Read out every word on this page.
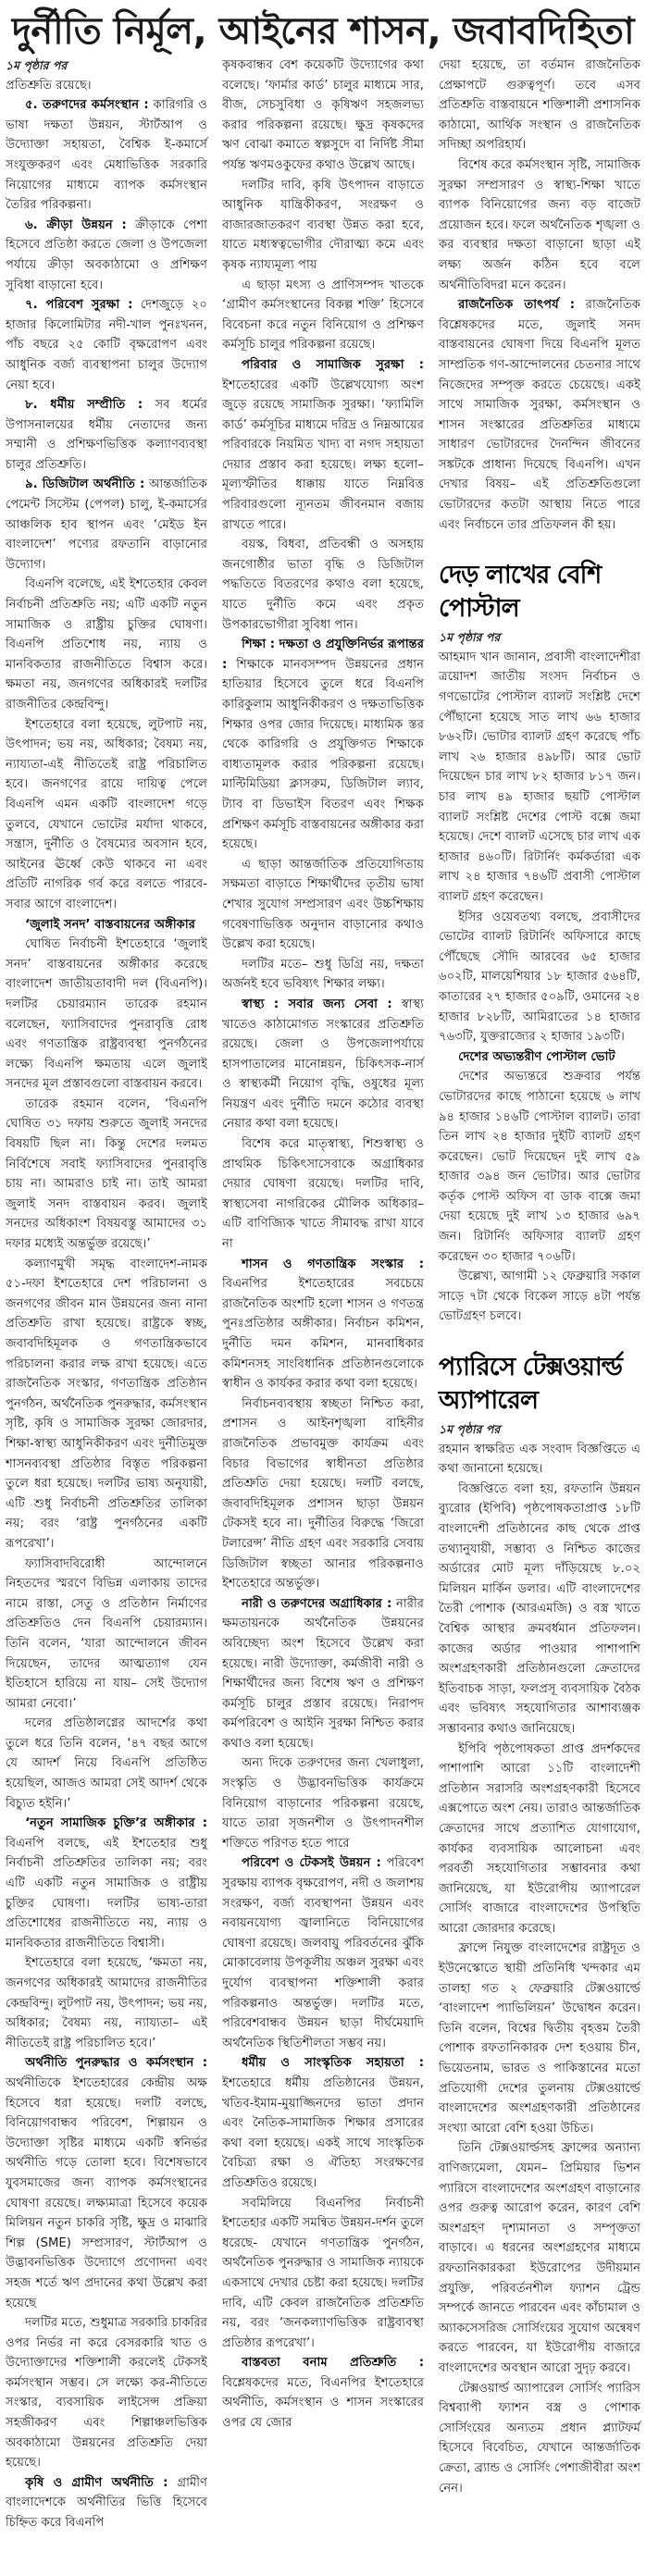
দুর্নীতি নির্মূল, আইনের শাসন, জবাবদিহিতা
১ম পৃষ্ঠার পর

প্রতিশ্রুতি রয়েছে।

৫. তরুণদের কর্মসংস্থান : কারিগরি ও ভাষা দক্ষতা উন্নয়ন, স্টার্টআপ ও উদ্যোক্তা সহায়তা, বৈশ্বিক ই-কমার্সে সংযুক্তকরণ এবং মেধাভিত্তিক সরকারি নিয়োগের মাধ্যমে ব্যাপক কর্মসংস্থান তৈরির পরিকল্পনা।

৬. ক্রীড়া উন্নয়ন : ক্রীড়াকে পেশা হিসেবে প্রতিষ্ঠা করতে জেলা ও উপজেলা পর্যায়ে ক্রীড়া অবকাঠামো ও প্রশিক্ষণ সুবিধা বাড়ানো হবে।

৭. পরিবেশ সুরক্ষা : দেশজুড়ে ২০ হাজার কিলোমিটার নদী-খাল পুনঃখনন, পাঁচ বছরে ২৫ কোটি বৃক্ষরোপণ এবং আধুনিক বর্জ্য ব্যবস্থাপনা চালুর উদ্যোগ নেয়া হবে।

৮. ধর্মীয় সম্প্রীতি : সব ধর্মের উপাসনালয়ের ধর্মীয় নেতাদের জন্য সম্মানী ও প্রশিক্ষণভিত্তিক কল্যাণব্যবস্থা চালুর প্রতিশ্রুতি।

৯. ডিজিটাল অর্থনীতি : আন্তর্জাতিক পেমেন্ট সিস্টেম (পেপল) চালু, ই-কমার্সের আঞ্চলিক হাব স্থাপন এবং ‘মেইড ইন বাংলাদেশ’ পণ্যের রফতানি বাড়ানোর উদ্যোগ।

বিএনপি বলেছে, এই ইশতেহার কেবল নির্বাচনী প্রতিশ্রুতি নয়; এটি একটি নতুন সামাজিক ও রাষ্ট্রীয় চুক্তির ঘোষণা। বিএনপি প্রতিশোধ নয়, ন্যায় ও মানবিকতার রাজনীতিতে বিশ্বাস করে। ক্ষমতা নয়, জনগণের অধিকারই দলটির রাজনীতির কেন্দ্রবিন্দু।

ইশতেহারে বলা হয়েছে, লুটপাট নয়, উৎপাদন; ভয় নয়, অধিকার; বৈষম্য নয়, ন্যায্যতা-এই নীতিতেই রাষ্ট্র পরিচালিত হবে। জনগণের রায়ে দায়িত্ব পেলে বিএনপি এমন একটি বাংলাদেশ গড়ে তুলবে, যেখানে ভোটের মর্যাদা থাকবে, সন্ত্রাস, দুর্নীতি ও বৈষম্যের অবসান হবে, আইনের ঊর্ধ্বে কেউ থাকবে না এবং প্রতিটি নাগরিক গর্ব করে বলতে পারবে-সবার আগে বাংলাদেশ।

‘জুলাই সনদ’ বাস্তবায়নের অঙ্গীকার

ঘোষিত নির্বাচনী ইশতেহারে ‘জুলাই সনদ’ বাস্তবায়নের অঙ্গীকার করেছে বাংলাদেশ জাতীয়তাবাদী দল (বিএনপি)। দলটির চেয়ারম্যান তারেক রহমান বলেছেন, ফ্যাসিবাদের পুনরাবৃত্তি রোধ এবং গণতান্ত্রিক রাষ্ট্রব্যবস্থা পুনর্গঠনের লক্ষ্যে বিএনপি ক্ষমতায় এলে জুলাই সনদের মূল প্রস্তাবগুলো বাস্তবায়ন করবে।

তারেক রহমান বলেন, ‘বিএনপি ঘোষিত ৩১ দফায় শুরুতে জুলাই সনদের বিষয়টি ছিল না। কিন্তু দেশের দলমত নির্বিশেষে সবাই ফ্যাসিবাদের পুনরাবৃত্তি চায় না। আমরাও চাই না। তাই আমরা জুলাই সনদ বাস্তবায়ন করব। জুলাই সনদের অধিকাংশ বিষয়বস্তু আমাদের ৩১ দফার মধ্যেই অন্তর্ভুক্ত রয়েছে।’

কল্যাণমুখী সমৃদ্ধ বাংলাদেশ-নামক ৫১-দফা ইশতেহারে দেশ পরিচালনা ও জনগণের জীবন মান উন্নয়নের জন্য নানা প্রতিশ্রুতি রাখা হয়েছে। রাষ্ট্রকে স্বচ্ছ, জবাবদিহিমূলক ও গণতান্ত্রিকভাবে পরিচালনা করার লক্ষ রাখা হয়েছে। এতে রাজনৈতিক সংস্কার, গণতান্ত্রিক প্রতিষ্ঠান পুনর্গঠন, অর্থনৈতিক পুনরুদ্ধার, কর্মসংস্থান সৃষ্টি, কৃষি ও সামাজিক সুরক্ষা জোরদার, শিক্ষা-স্বাস্থ্য আধুনিকীকরণ এবং দুর্নীতিমুক্ত শাসনব্যবস্থা প্রতিষ্ঠার বিস্তৃত পরিকল্পনা তুলে ধরা হয়েছে। দলটির ভাষ্য অনুযায়ী, এটি শুধু নির্বাচনী প্রতিশ্রুতির তালিকা নয়; বরং ‘রাষ্ট্র পুনর্গঠনের একটি রূপরেখা’।

ফ্যাসিবাদবিরোধী আন্দোলনে নিহতদের স্মরণে বিভিন্ন এলাকায় তাদের নামে রাস্তা, সেতু ও প্রতিষ্ঠান নির্মাণের প্রতিশ্রুতিও দেন বিএনপি চেয়ারম্যান। তিনি বলেন, ‘যারা আন্দোলনে জীবন দিয়েছেন, তাদের আত্মত্যাগ যেন ইতিহাসে হারিয়ে না যায়– সেই উদ্যোগ আমরা নেবো।’

দলের প্রতিষ্ঠালগ্নের আদর্শের কথা তুলে ধরে তিনি বলেন, ‘৪৭ বছর আগে যে আদর্শ নিয়ে বিএনপি প্রতিষ্ঠিত হয়েছিল, আজও আমরা সেই আদর্শ থেকে বিচ্যুত হইনি।’

‘নতুন সামাজিক চুক্তি’র অঙ্গীকার : বিএনপি বলছে, এই ইশতেহার শুধু নির্বাচনী প্রতিশ্রুতির তালিকা নয়; বরং এটি একটি নতুন সামাজিক ও রাষ্ট্রীয় চুক্তির ঘোষণা। দলটির ভাষ্য-তারা প্রতিশোধের রাজনীতিতে নয়, ন্যায় ও মানবিকতার রাজনীতিতে বিশ্বাসী।

ইশতেহারে বলা হয়েছে, ‘ক্ষমতা নয়, জনগণের অধিকারই আমাদের রাজনীতির কেন্দ্রবিন্দু। লুটপাট নয়, উৎপাদন; ভয় নয়, অধিকার; বৈষম্য নয়, ন্যায্যতা– এই নীতিতেই রাষ্ট্র পরিচালিত হবে।’

অর্থনীতি পুনরুদ্ধার ও কর্মসংস্থান : অর্থনীতিকে ইশতেহারের কেন্দ্রীয় অক্ষ হিসেবে ধরা হয়েছে। দলটি বলছে, বিনিয়োগবান্ধব পরিবেশ, শিল্পায়ন ও উদ্যোক্তা সৃষ্টির মাধ্যমে একটি স্বনির্ভর অর্থনীতি গড়ে তোলা হবে। বিশেষভাবে যুবসমাজের জন্য ব্যাপক কর্মসংস্থানের ঘোষণা রয়েছে। লক্ষ্যমাত্রা হিসেবে কয়েক মিলিয়ন নতুন চাকরি সৃষ্টি, ক্ষুদ্র ও মাঝারি শিল্প (SME) সম্প্রসারণ, স্টার্টআপ ও উদ্ভাবনভিত্তিক উদ্যোগে প্রণোদনা এবং সহজ শর্তে ঋণ প্রদানের কথা উল্লেখ করা হয়েছে

দলটির মতে, শুধুমাত্র সরকারি চাকরির ওপর নির্ভর না করে বেসরকারি খাত ও উদ্যোক্তাদের শক্তিশালী করলেই টেকসই কর্মসংস্থান সম্ভব। সে লক্ষ্যে কর-নীতিতে সংস্কার, ব্যবসায়িক লাইসেন্স প্রক্রিয়া সহজীকরণ এবং শিল্পাঞ্চলভিত্তিক অবকাঠামো উন্নয়নের প্রতিশ্রুতি দেয়া হয়েছে।

কৃষি ও গ্রামীণ অর্থনীতি : গ্রামীণ বাংলাদেশকে অর্থনীতির ভিত্তি হিসেবে চিহ্নিত করে বিএনপি

কৃষকবান্ধব বেশ কয়েকটি উদ্যোগের কথা বলেছে। ‘ফার্মার কার্ড’ চালুর মাধ্যমে সার, বীজ, সেচসুবিধা ও কৃষিঋণ সহজলভ্য করার পরিকল্পনা রয়েছে। ক্ষুদ্র কৃষকদের ঋণ বোঝা কমাতে স্বল্পসুদে বা নির্দিষ্ট সীমা পর্যন্ত ঋণমওকুফের কথাও উল্লেখ আছে।

দলটির দাবি, কৃষি উৎপাদন বাড়াতে আধুনিক যান্ত্রিকীকরণ, সংরক্ষণ ও বাজারজাতকরণ ব্যবস্থা উন্নত করা হবে, যাতে মধ্যস্বত্বভোগীর দৌরাত্ম্য কমে এবং কৃষক ন্যায্যমূল্য পায়

এ ছাড়া মৎস্য ও প্রাণিসম্পদ খাতকে ‘গ্রামীণ কর্মসংস্থানের বিকল্প শক্তি’ হিসেবে বিবেচনা করে নতুন বিনিয়োগ ও প্রশিক্ষণ কর্মসূচি চালুর পরিকল্পনা রয়েছে।

পরিবার ও সামাজিক সুরক্ষা : ইশতেহারের একটি উল্লেখযোগ্য অংশ জুড়ে রয়েছে সামাজিক সুরক্ষা। ‘ফ্যামিলি কার্ড’ কর্মসূচির মাধ্যমে দরিদ্র ও নিম্নআয়ের পরিবারকে নিয়মিত খাদ্য বা নগদ সহায়তা দেয়ার প্রস্তাব করা হয়েছে। লক্ষ্য হলো– মূল্যস্ফীতির ধাক্কায় যাতে নিম্নবিত্ত পরিবারগুলো ন্যূনতম জীবনমান বজায় রাখতে পারে।

বয়স্ক, বিধবা, প্রতিবন্ধী ও অসহায় জনগোষ্ঠীর ভাতা বৃদ্ধি ও ডিজিটাল পদ্ধতিতে বিতরণের কথাও বলা হয়েছে, যাতে দুর্নীতি কমে এবং প্রকৃত উপকারভোগীরা সুবিধা পান।

শিক্ষা : দক্ষতা ও প্রযুক্তিনির্ভর রূপান্তর : শিক্ষাকে মানবসম্পদ উন্নয়নের প্রধান হাতিয়ার হিসেবে তুলে ধরে বিএনপি কারিকুলাম আধুনিকীকরণ ও দক্ষতাভিত্তিক শিক্ষার ওপর জোর দিয়েছে। মাধ্যমিক স্তর থেকে কারিগরি ও প্রযুক্তিগত শিক্ষাকে বাধ্যতামূলক করার পরিকল্পনা রয়েছে। মাল্টিমিডিয়া ক্লাসরুম, ডিজিটাল ল্যাব, ট্যাব বা ডিভাইস বিতরণ এবং শিক্ষক প্রশিক্ষণ কর্মসূচি বাস্তবায়নের অঙ্গীকার করা হয়েছে।

এ ছাড়া আন্তর্জাতিক প্রতিযোগিতায় সক্ষমতা বাড়াতে শিক্ষার্থীদের তৃতীয় ভাষা শেখার সুযোগ সম্প্রসারণ এবং উচ্চশিক্ষায় গবেষণাভিত্তিক অনুদান বাড়ানোর কথাও উল্লেখ করা হয়েছে।

দলটির মতে– শুধু ডিগ্রি নয়, দক্ষতা অর্জনই হবে ভবিষ্যৎ শিক্ষার লক্ষ্য।

স্বাস্থ্য : সবার জন্য সেবা : স্বাস্থ্য খাতেও কাঠামোগত সংস্কারের প্রতিশ্রুতি রয়েছে। জেলা ও উপজেলাপর্যায়ে হাসপাতালের মানোন্নয়ন, চিকিৎসক-নার্স ও স্বাস্থ্যকর্মী নিয়োগ বৃদ্ধি, ওষুধের মূল্য নিয়ন্ত্রণ এবং দুর্নীতি দমনে কঠোর ব্যবস্থা নেয়ার কথা বলা হয়েছে।

বিশেষ করে মাতৃস্বাস্থ্য, শিশুস্বাস্থ্য ও প্রাথমিক চিকিৎসাসেবাকে অগ্রাধিকার দেয়ার ঘোষণা রয়েছে। দলটির দাবি, স্বাস্থ্যসেবা নাগরিকের মৌলিক অধিকার– এটি বাণিজ্যিক খাতে সীমাবদ্ধ রাখা যাবে না

শাসন ও গণতান্ত্রিক সংস্কার : বিএনপির ইশতেহারের সবচেয়ে রাজনৈতিক অংশটি হলো শাসন ও গণতন্ত্র পুনঃপ্রতিষ্ঠার অঙ্গীকার। নির্বাচন কমিশন, দুর্নীতি দমন কমিশন, মানবাধিকার কমিশনসহ সাংবিধানিক প্রতিষ্ঠানগুলোকে স্বাধীন ও কার্যকর করার কথা বলা হয়েছে।

নির্বাচনব্যবস্থায় স্বচ্ছতা নিশ্চিত করা, প্রশাসন ও আইনশৃঙ্খলা বাহিনীর রাজনৈতিক প্রভাবমুক্ত কার্যক্রম এবং বিচার বিভাগের স্বাধীনতা প্রতিষ্ঠার প্রতিশ্রুতি দেয়া হয়েছে। দলটি বলছে, জবাবদিহিমূলক প্রশাসন ছাড়া উন্নয়ন টেকসই হবে না। দুর্নীতির বিরুদ্ধে ‘জিরো টলারেন্স’ নীতি গ্রহণ এবং সরকারি সেবায় ডিজিটাল স্বচ্ছতা আনার পরিকল্পনাও ইশতেহারে অন্তর্ভুক্ত।

নারী ও তরুণদের অগ্রাধিকার : নারীর ক্ষমতায়নকে অর্থনৈতিক উন্নয়নের অবিচ্ছেদ্য অংশ হিসেবে উল্লেখ করা হয়েছে। নারী উদ্যোক্তা, কর্মজীবী নারী ও শিক্ষার্থীদের জন্য বিশেষ ঋণ ও প্রশিক্ষণ কর্মসূচি চালুর প্রস্তাব রয়েছে। নিরাপদ কর্মপরিবেশ ও আইনি সুরক্ষা নিশ্চিত করার কথাও বলা হয়েছে।

অন্য দিকে তরুণদের জন্য খেলাধুলা, সংস্কৃতি ও উদ্ভাবনভিত্তিক কার্যক্রমে বিনিয়োগ বাড়ানোর পরিকল্পনা রয়েছে, যাতে তারা সৃজনশীল ও উৎপাদনশীল শক্তিতে পরিণত হতে পারে

পরিবেশ ও টেকসই উন্নয়ন : পরিবেশ সুরক্ষায় ব্যাপক বৃক্ষরোপণ, নদী ও জলাশয় সংরক্ষণ, বর্জ্য ব্যবস্থাপনা উন্নয়ন এবং নবায়নযোগ্য জ্বালানিতে বিনিয়োগের ঘোষণা রয়েছে। জলবায়ু পরিবর্তনের ঝুঁকি মোকাবেলায় উপকূলীয় অঞ্চল সুরক্ষা এবং দুর্যোগ ব্যবস্থাপনা শক্তিশালী করার পরিকল্পনাও অন্তর্ভুক্ত। দলটির মতে, পরিবেশবান্ধব উন্নয়ন ছাড়া দীর্ঘমেয়াদি অর্থনৈতিক স্থিতিশীলতা সম্ভব নয়।

ধর্মীয় ও সাংস্কৃতিক সহায়তা : ইশতেহারে ধর্মীয় প্রতিষ্ঠানের উন্নয়ন, খতিব-ইমাম-মুয়াজ্জিনদের ভাতা প্রদান এবং নৈতিক-সামাজিক শিক্ষার প্রসারের কথা বলা হয়েছে। একই সাথে সাংস্কৃতিক বৈচিত্র্য রক্ষা ও ঐতিহ্য সংরক্ষণের প্রতিশ্রুতিও রয়েছে।

সবমিলিয়ে বিএনপির নির্বাচনী ইশতেহার একটি সমন্বিত উন্নয়ন-দর্শন তুলে ধরেছে- যেখানে গণতান্ত্রিক পুনর্গঠন, অর্থনৈতিক পুনরুদ্ধার ও সামাজিক ন্যায়কে একসাথে দেখার চেষ্টা করা হয়েছে। দলটির দাবি, এটি কেবল রাজনৈতিক প্রতিশ্রুতি নয়, বরং ‘জনকল্যাণভিত্তিক রাষ্ট্রব্যবস্থা প্রতিষ্ঠার রূপরেখা’।

বাস্তবতা বনাম প্রতিশ্রুতি : বিশ্লেষকদের মতে, বিএনপির ইশতেহারে অর্থনীতি, কর্মসংস্থান ও শাসন সংস্কারের ওপর যে জোর

দেয়া হয়েছে, তা বর্তমান রাজনৈতিক প্রেক্ষাপটে গুরুত্বপূর্ণ। তবে এসব প্রতিশ্রুতি বাস্তবায়নে শক্তিশালী প্রশাসনিক কাঠামো, আর্থিক সংস্থান ও রাজনৈতিক সদিচ্ছা অপরিহার্য।

বিশেষ করে কর্মসংস্থান সৃষ্টি, সামাজিক সুরক্ষা সম্প্রসারণ ও স্বাস্থ্য-শিক্ষা খাতে ব্যাপক বিনিয়োগের জন্য বড় বাজেট প্রয়োজন হবে। ফলে অর্থনৈতিক শৃঙ্খলা ও কর ব্যবস্থার দক্ষতা বাড়ানো ছাড়া এই লক্ষ্য অর্জন কঠিন হবে বলে অর্থনীতিবিদরা মনে করেন।

রাজনৈতিক তাৎপর্য : রাজনৈতিক বিশ্লেষকদের মতে, জুলাই সনদ বাস্তবায়নের ঘোষণা দিয়ে বিএনপি মূলত সাম্প্রতিক গণ-আন্দোলনের চেতনার সাথে নিজেদের সম্পৃক্ত করতে চেয়েছে। একই সাথে সামাজিক সুরক্ষা, কর্মসংস্থান ও শাসন সংস্কারের প্রতিশ্রুতির মাধ্যমে সাধারণ ভোটারদের দৈনন্দিন জীবনের সঙ্কটকে প্রাধান্য দিয়েছে বিএনপি। এখন দেখার বিষয়– এই প্রতিশ্রুতিগুলো ভোটারদের কতটা আস্থায় নিতে পারে এবং নির্বাচনে তার প্রতিফলন কী হয়।

দেড় লাখের বেশি পোস্টাল
১ম পৃষ্ঠার পর

আহমাদ খান জানান, প্রবাসী বাংলাদেশীরা ত্রয়োদশ জাতীয় সংসদ নির্বাচন ও গণভোটের পোস্টাল ব্যালট সংশ্লিষ্ট দেশে পৌঁছানো হয়েছে সাত লাখ ৬৬ হাজার ৮৬২টি। ভোটার ব্যালট গ্রহণ করেছে পাঁচ লাখ ২৬ হাজার ৪৯৮টি। আর ভোট দিয়েছেন চার লাখ ৮২ হাজার ৮১৭ জন। চার লাখ ৪৯ হাজার ছয়টি পোস্টাল ব্যালট সংশ্লিষ্ট দেশের পোস্ট বক্সে জমা হয়েছে। দেশে ব্যালট এসেছে চার লাখ এক হাজার ৪৬০টি। রিটার্নিং কর্মকর্তারা এক লাখ ২৪ হাজার ৭৪৬টি প্রবাসী পোস্টাল ব্যালট গ্রহণ করেছেন।

ইসির ওয়েবতথ্য বলছে, প্রবাসীদের ভোটের ব্যালট রিটার্নিং অফিসারে কাছে পৌঁছেছে সৌদি আরবের ৬৫ হাজার ৬০২টি, মালয়েশিয়ার ১৮ হাজার ৫৬৪টি, কাতারের ২৭ হাজার ৫০৯টি, ওমানের ২৪ হাজার ৮২৮টি, আমিরাতের ১৪ হাজার ৭৬৩টি, যুক্তরাজ্যের ২ হাজার ১৯৩টি।

দেশের অভ্যন্তরীণ পোস্টাল ভোট

দেশের অভ্যন্তরে শুক্রবার পর্যন্ত ভোটারদের কাছে পাঠানো হয়েছে ৬ লাখ ৯৪ হাজার ১৪৬টি পোস্টাল ব্যালট। তারা তিন লাখ ২৪ হাজার দুইটি ব্যালট গ্রহণ করেছেন। ভোট দিয়েছেন দুই লাখ ৫৯ হাজার ৩৯৪ জন ভোটার। আর ভোটার কর্তৃক পোস্ট অফিস বা ডাক বাক্সে জমা দেয়া হয়েছে দুই লাখ ১৩ হাজার ৬৯৭ জন। রিটার্নিং অফিসার ব্যালট গ্রহণ করেছেন ৩০ হাজার ৭০৬টি।

উল্লেখ্য, আগামী ১২ ফেব্রুয়ারি সকাল সাড়ে ৭টা থেকে বিকেল সাড়ে ৪টা পর্যন্ত ভোটগ্রহণ চলবে।

প্যারিসে টেক্সওয়ার্ল্ড অ্যাপারেল
১ম পৃষ্ঠার পর

রহমান স্বাক্ষরিত এক সংবাদ বিজ্ঞপ্তিতে এ কথা জানানো হয়েছে।

বিজ্ঞপ্তিতে বলা হয়, রফতানি উন্নয়ন ব্যুরোর (ইপিবি) পৃষ্ঠপোষকতাপ্রাপ্ত ১৮টি বাংলাদেশী প্রতিষ্ঠানের কাছ থেকে প্রাপ্ত তথ্যানুযায়ী, সম্ভাব্য ও নিশ্চিত কাজের অর্ডারের মোট মূল্য দাঁড়িয়েছে ৮.০২ মিলিয়ন মার্কিন ডলার। এটি বাংলাদেশের তৈরী পোশাক (আরএমজি) ও বস্ত্র খাতে বৈশ্বিক আস্থার ক্রমবর্ধমান প্রতিফলন। কাজের অর্ডার পাওয়ার পাশাপাশি অংশগ্রহণকারী প্রতিষ্ঠানগুলো ক্রেতাদের ইতিবাচক সাড়া, ফলপ্রসূ ব্যবসায়িক বৈঠক এবং ভবিষ্যৎ সহযোগিতার আশাব্যঞ্জক সম্ভাবনার কথাও জানিয়েছে।

ইপিবি পৃষ্ঠপোষকতা প্রাপ্ত প্রদর্শকদের পাশাপাশি আরো ১১টি বাংলাদেশী প্রতিষ্ঠান সরাসরি অংশগ্রহণকারী হিসেবে এক্সপোতে অংশ নেয়। তারাও আন্তর্জাতিক ক্রেতাদের সাথে প্রত্যাশিত যোগাযোগ, কার্যকর ব্যবসায়িক আলোচনা এবং পরবর্তী সহযোগিতার সম্ভাবনার কথা জানিয়েছে, যা ইউরোপীয় অ্যাপারেল সোর্সিং বাজারে বাংলাদেশের উপস্থিতি আরো জোরদার করেছে।

ফ্রান্সে নিযুক্ত বাংলাদেশের রাষ্ট্রদূত ও ইউনেস্কোতে স্থায়ী প্রতিনিধি খন্দকার এম তালহা গত ২ ফেব্রুয়ারি টেক্সওয়ার্ল্ডে ‘বাংলাদেশ প্যাভিলিয়ন’ উদ্বোধন করেন। তিনি বলেন, বিশ্বের দ্বিতীয় বৃহত্তম তৈরী পোশাক রফতানিকারক দেশ হওয়ায় চীন, ভিয়েতনাম, ভারত ও পাকিস্তানের মতো প্রতিযোগী দেশের তুলনায় টেক্সওয়ার্ল্ডে বাংলাদেশের অংশগ্রহণকারী প্রতিষ্ঠানের সংখ্যা আরো বেশি হওয়া উচিত।

তিনি টেক্সওয়ার্ল্ডসহ ফ্রান্সের অন্যান্য বাণিজ্যমেলা, যেমন– প্রিমিয়ার ভিশন প্যারিসে বাংলাদেশের অংশগ্রহণ বাড়ানোর ওপর গুরুত্ব আরোপ করেন, কারণ বেশি অংশগ্রহণ দৃশ্যমানতা ও সম্পৃক্ততা বাড়াবে। এ ধরনের অংশগ্রহণের মাধ্যমে রফতানিকারকরা ইউরোপের উদীয়মান প্রযুক্তি, পরিবর্তনশীল ফ্যাশন ট্রেন্ড সম্পর্কে জানতে পারবেন এবং কাঁচামাল ও অ্যাকসেসরিজ সোর্সিংয়ের সুযোগ অন্বেষণ করতে পারবেন, যা ইউরোপীয় বাজারে বাংলাদেশের অবস্থান আরো সুদৃঢ় করবে।

টেক্সওয়ার্ল্ড অ্যাপারেল সোর্সিং প্যারিস বিশ্বব্যাপী ফ্যাশন বস্ত্র ও পোশাক সোর্সিংয়ের অন্যতম প্রধান প্ল্যাটফর্ম হিসেবে বিবেচিত, যেখানে আন্তর্জাতিক ক্রেতা, ব্র্যান্ড ও সোর্সিং পেশাজীবীরা অংশ নেন।
